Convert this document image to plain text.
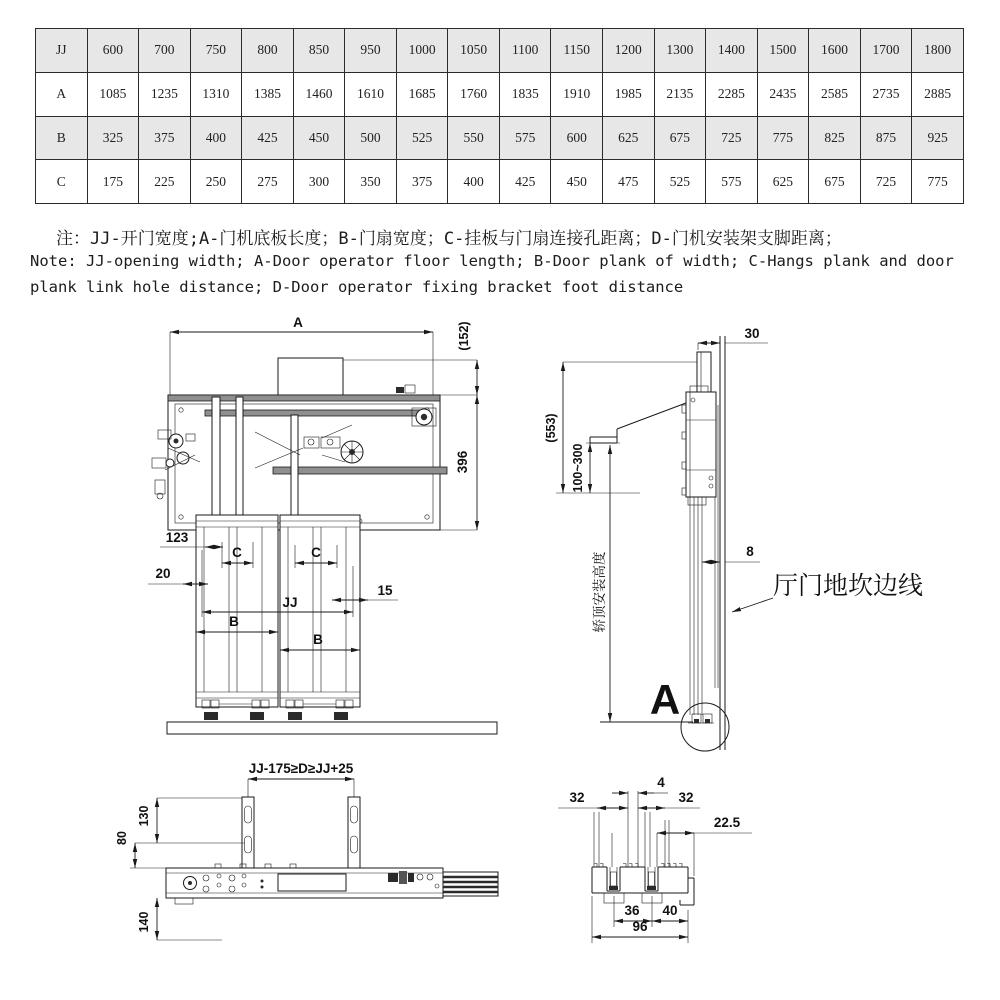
JJ	600	700	750	800	850	950	1000	1050	1100	1150	1200	1300	1400	1500	1600	1700	1800
A	1085	1235	1310	1385	1460	1610	1685	1760	1835	1910	1985	2135	2285	2435	2585	2735	2885
B	325	375	400	425	450	500	525	550	575	600	625	675	725	775	825	875	925
C	175	225	250	275	300	350	375	400	425	450	475	525	575	625	675	725	775
注：JJ-开门宽度;A-门机底板长度；B-门扇宽度；C-挂板与门扇连接孔距离；D-门机安装架支脚距离；
Note: JJ-opening width; A-Door operator floor length; B-Door plank of width; C-Hangs plank and door
plank link hole distance; D-Door operator fixing bracket foot distance
A	(152)
396
123
20
C	C
15
JJ
B
B
30
(553)
100~300
轿顶安装高度	8
厅门地坎边线
A
JJ-175≥D≥JJ+25
130
80
140
32
4
32
22.5
36 40
96
